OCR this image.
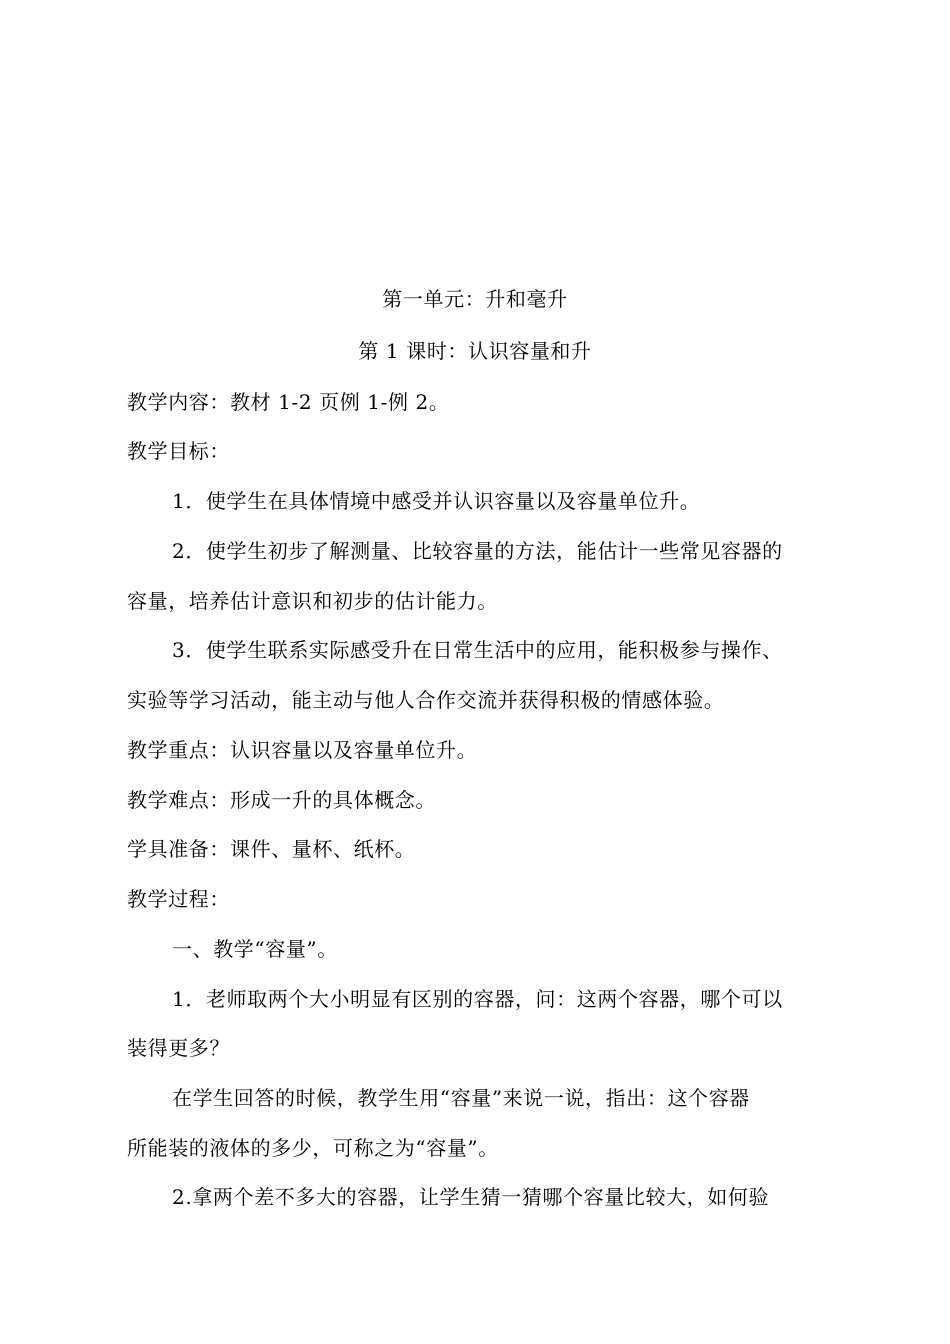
第一单元：升和毫升
第 1 课时：认识容量和升
教学内容：教材 1-2 页例 1-例 2。
教学目标：
1．使学生在具体情境中感受并认识容量以及容量单位升。
2．使学生初步了解测量、比较容量的方法，能估计一些常见容器的
容量，培养估计意识和初步的估计能力。
3．使学生联系实际感受升在日常生活中的应用，能积极参与操作、
实验等学习活动，能主动与他人合作交流并获得积极的情感体验。
教学重点：认识容量以及容量单位升。
教学难点：形成一升的具体概念。
学具准备：课件、量杯、纸杯。
教学过程：
一、教学“容量”。
1．老师取两个大小明显有区别的容器，问：这两个容器，哪个可以
装得更多？
在学生回答的时候，教学生用“容量”来说一说，指出：这个容器
所能装的液体的多少，可称之为“容量”。
2.拿两个差不多大的容器，让学生猜一猜哪个容量比较大，如何验
